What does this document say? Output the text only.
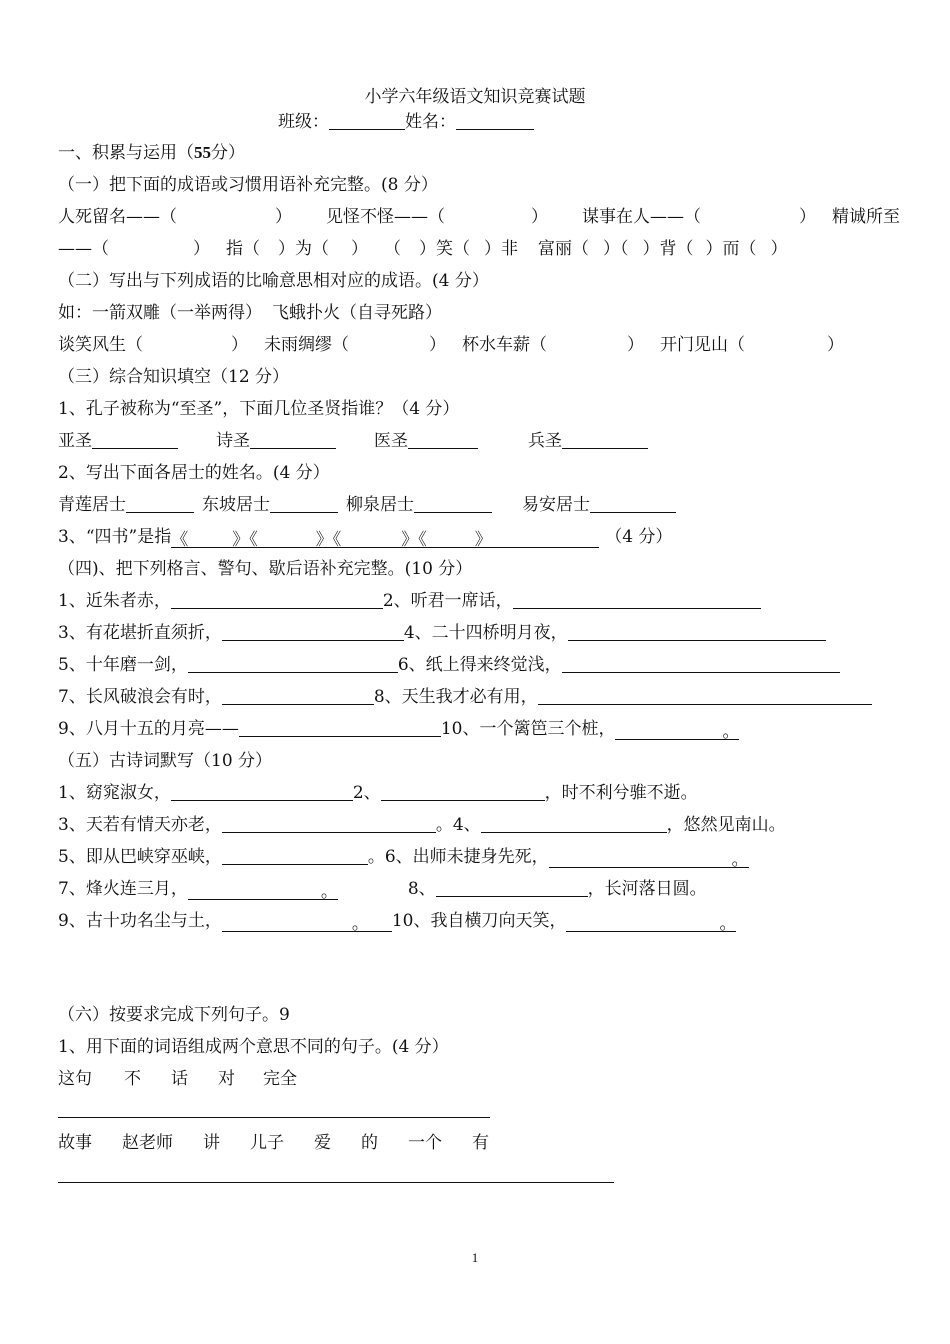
小学六年级语文知识竞赛试题
班级：	姓名：
一、积累与运用（55分）
（一）把下面的成语或习惯用语补充完整。(8 分）
人死留名——（	） 见怪不怪——（	） 谋事在人——（	） 精诚所至
——（	） 指（ ）为（ ） （ ）笑（ ）非 富丽（ ）（ ）背（ ）而（ ）
（二）写出与下列成语的比喻意思相对应的成语。(4 分）
如：一箭双雕（一举两得） 飞蛾扑火（自寻死路）
谈笑风生（	） 未雨绸缪（	） 杯水车薪（	） 开门见山（	）
（三）综合知识填空（12 分）
1、孔子被称为“至圣”，下面几位圣贤指谁？（4 分）
亚圣	诗圣	医圣	兵圣
2、写出下面各居士的姓名。(4 分）
青莲居士	东坡居士	柳泉居士	易安居士
3、“四书”是指《	》《	》《	》《	》	（4 分）
（四)、把下列格言、警句、歇后语补充完整。(10 分）
1、近朱者赤，	2、听君一席话，
3、有花堪折直须折，	4、二十四桥明月夜，
5、十年磨一剑，	6、纸上得来终觉浅，
7、长风破浪会有时，	8、天生我才必有用，
9、八月十五的月亮——	10、一个篱笆三个桩，	。
（五）古诗词默写（10 分）
1、窈窕淑女，	2、	，时不利兮骓不逝。
3、天若有情天亦老，	。4、	，悠然见南山。
5、即从巴峡穿巫峡，	。6、出师未捷身先死，	。
7、烽火连三月，	。	8、	，长河落日圆。
9、古十功名尘与土，	。 10、我自横刀向天笑，	。
（六）按要求完成下列句子。9
1、用下面的词语组成两个意思不同的句子。(4 分）
这句 不 话 对 完全
故事 赵老师 讲 儿子 爱 的 一个 有
1
